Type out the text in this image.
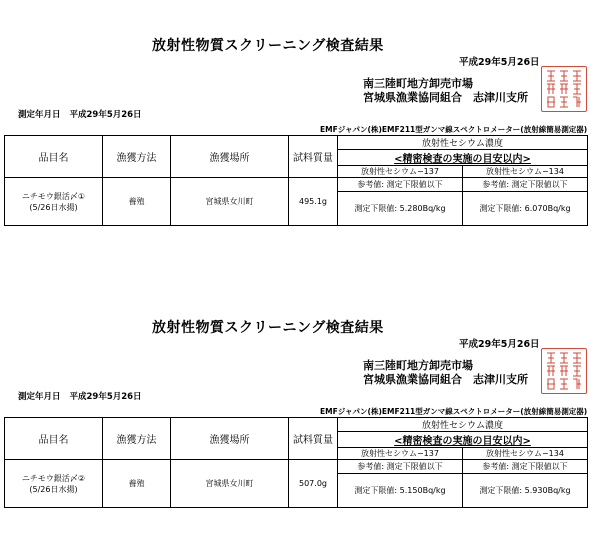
放射性物質スクリーニング検査結果
平成29年5月26日
南三陸町地方卸売市場
宮城県漁業協同組合　志津川支所
測定年月日 平成29年5月26日
EMFジャパン(株)EMF211型ガンマ線スペクトロメーター(放射線簡易測定器)
品目名	漁獲方法	漁獲場所	試料質量	放射性セシウム濃度	
				<精密検査の実施の目安以内>	
				放射性セシウム−137	放射性セシウム−134

ニチモウ銀活〆①
(5/26日水揚)	養殖	宮城県女川町	495.1g	参考値: 測定下限値以下	参考値: 測定下限値以下
				測定下限値: 5.280Bq/kg	測定下限値: 6.070Bq/kg
放射性物質スクリーニング検査結果
平成29年5月26日
南三陸町地方卸売市場
宮城県漁業協同組合　志津川支所
測定年月日 平成29年5月26日
EMFジャパン(株)EMF211型ガンマ線スペクトロメーター(放射線簡易測定器)
品目名	漁獲方法	漁獲場所	試料質量	放射性セシウム濃度	
				<精密検査の実施の目安以内>	
				放射性セシウム−137	放射性セシウム−134

ニチモウ銀活〆②
(5/26日水揚)	養殖	宮城県女川町	507.0g	参考値: 測定下限値以下	参考値: 測定下限値以下
				測定下限値: 5.150Bq/kg	測定下限値: 5.930Bq/kg
